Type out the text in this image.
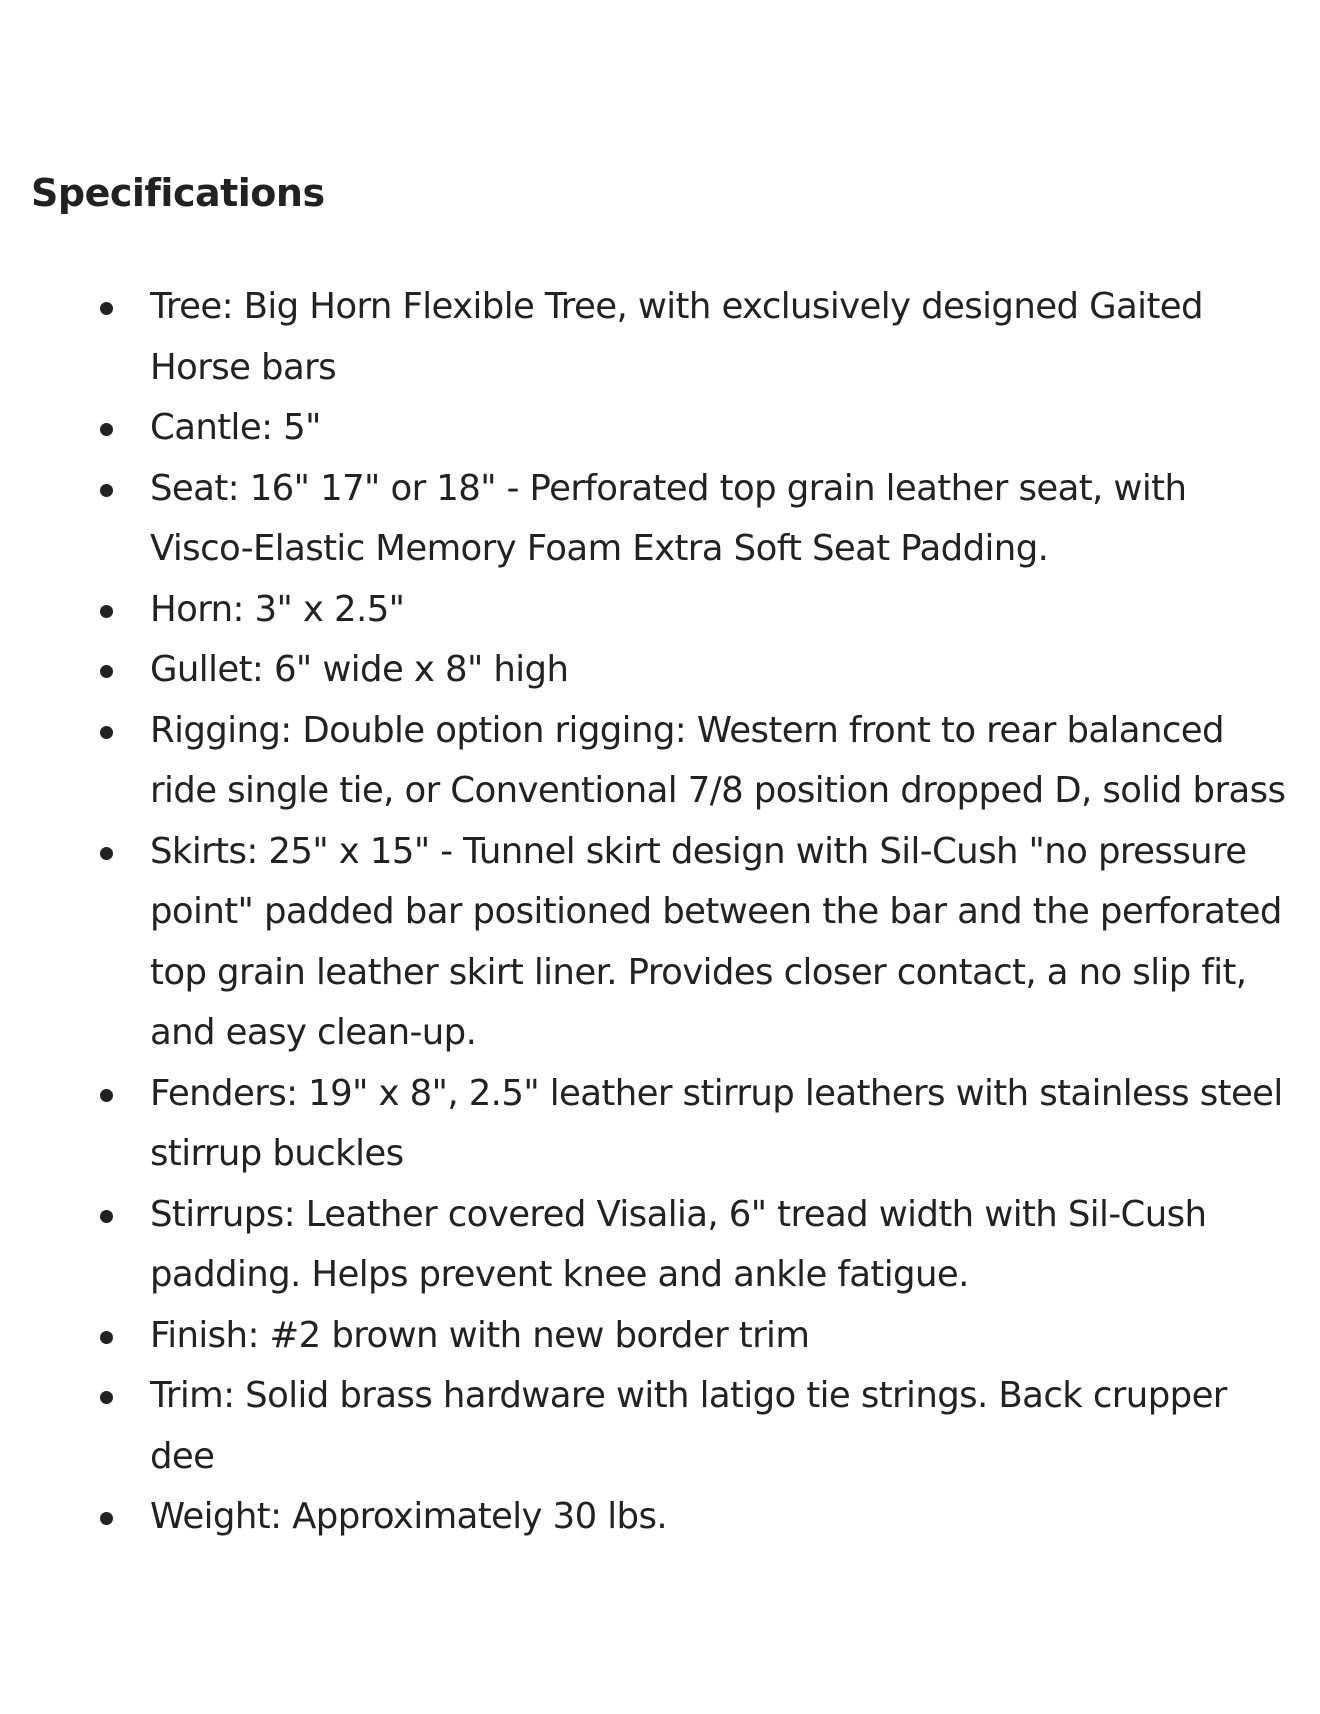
Specifications
Tree: Big Horn Flexible Tree, with exclusively designed Gaited Horse bars
Cantle: 5"
Seat: 16" 17" or 18" - Perforated top grain leather seat, with Visco-Elastic Memory Foam Extra Soft Seat Padding.
Horn: 3" x 2.5"
Gullet: 6" wide x 8" high
Rigging: Double option rigging: Western front to rear balanced ride single tie, or Conventional 7/8 position dropped D, solid brass
Skirts: 25" x 15" - Tunnel skirt design with Sil-Cush "no pressure point" padded bar positioned between the bar and the perforated top grain leather skirt liner. Provides closer contact, a no slip fit, and easy clean-up.
Fenders: 19" x 8", 2.5" leather stirrup leathers with stainless steel stirrup buckles
Stirrups: Leather covered Visalia, 6" tread width with Sil-Cush padding. Helps prevent knee and ankle fatigue.
Finish: #2 brown with new border trim
Trim: Solid brass hardware with latigo tie strings. Back crupper dee
Weight: Approximately 30 lbs.
